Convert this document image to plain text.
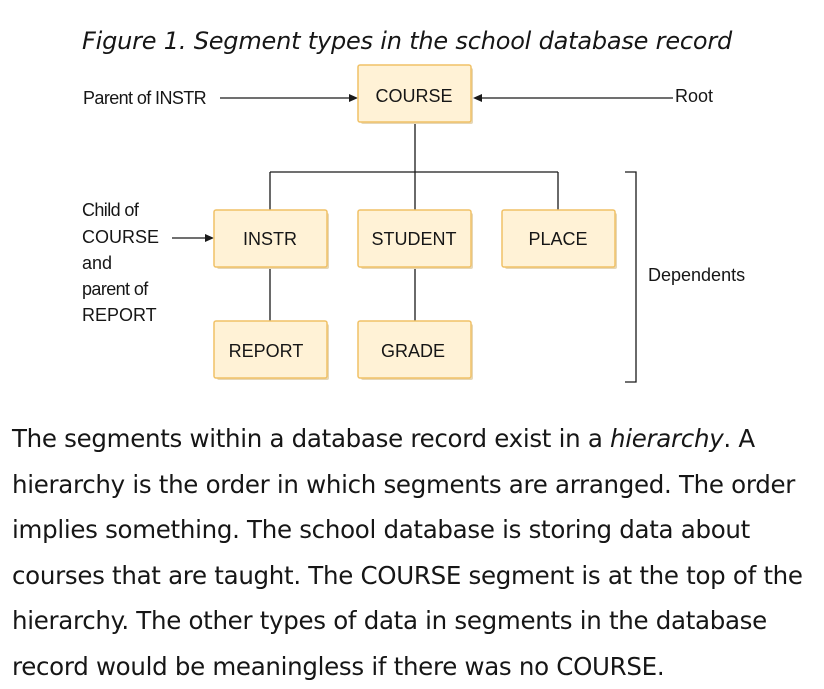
Figure 1. Segment types in the school database record
COURSE
INSTR	STUDENT	PLACE
REPORT	GRADE
Parent of INSTR	Root
Dependents
Child of
COURSE
and
parent of
REPORT

The segments within a database record exist in a hierarchy. A hierarchy is the order in which segments are arranged. The order implies something. The school database is storing data about courses that are taught. The COURSE segment is at the top of the hierarchy. The other types of data in segments in the database record would be meaningless if there was no COURSE.
